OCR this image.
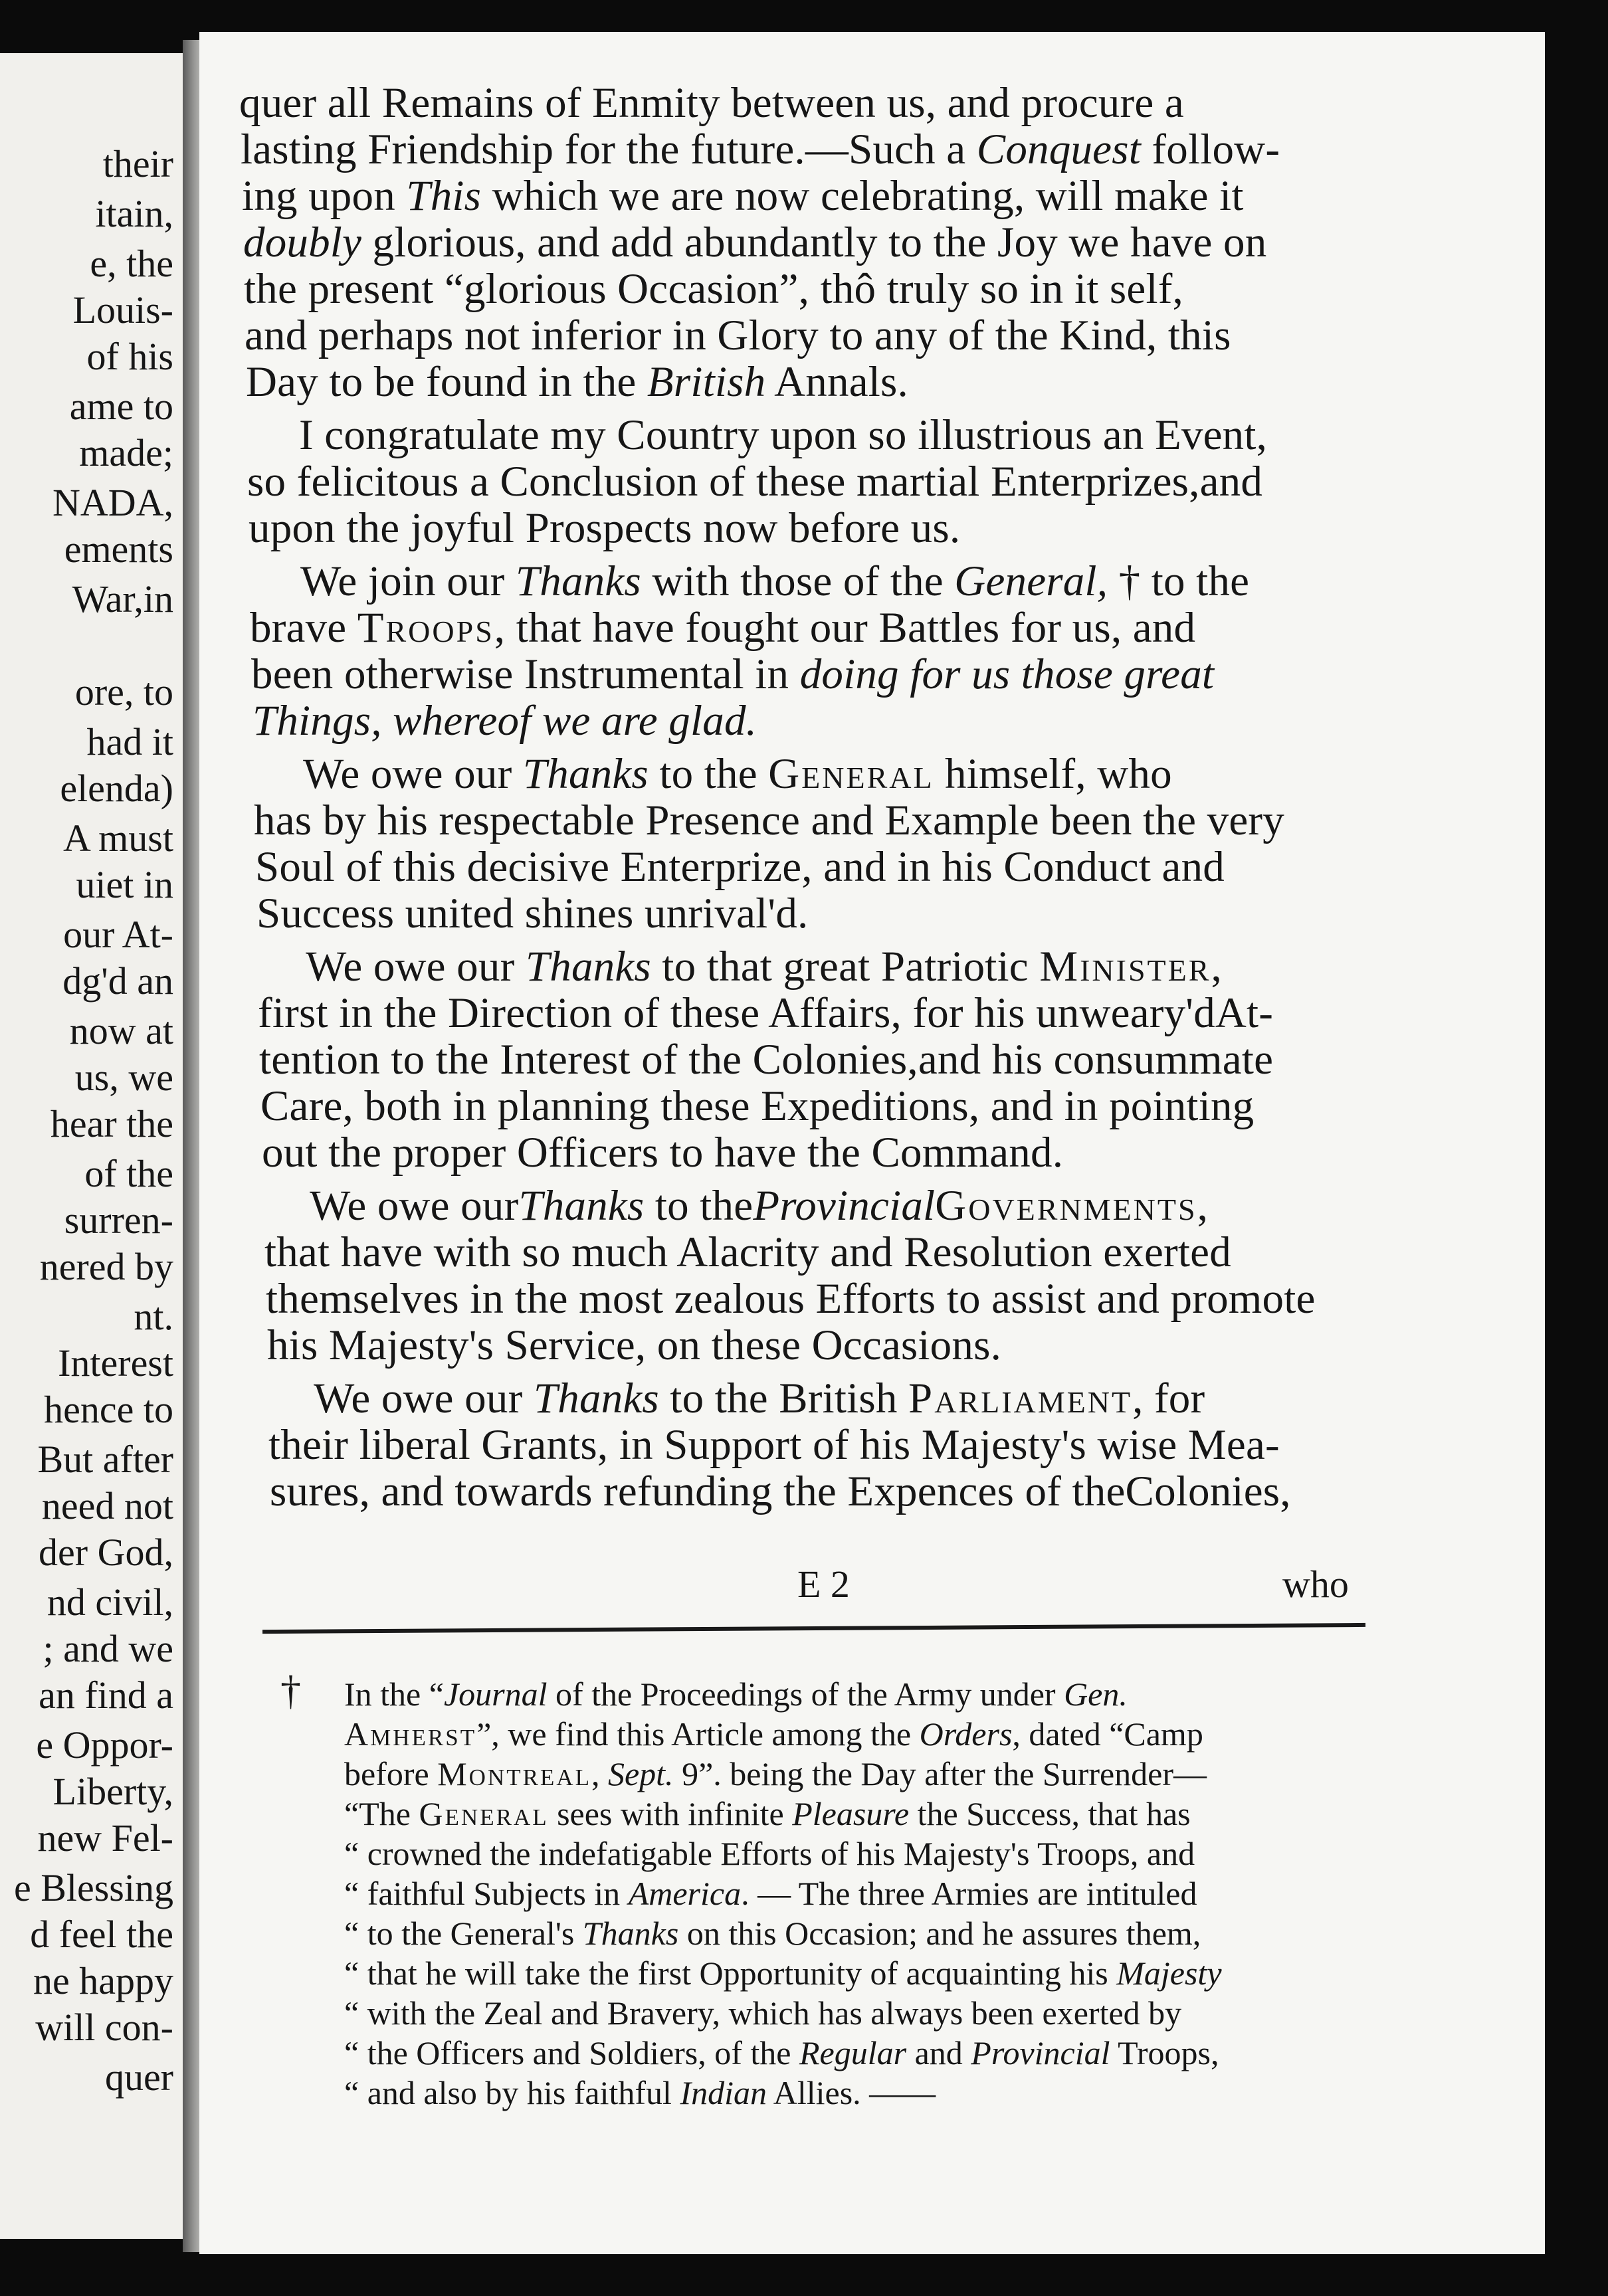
their
itain,
e, the
Louis-
of his
ame to
made;
NADA,
ements
War,in
ore, to
had it
elenda)
A must
uiet in
our At-
dg'd an
now at
us, we
hear the
of the
surren-
nered by
nt.
Interest
hence to
But after
need not
der God,
nd civil,
; and we
an find a
e Oppor-
Liberty,
new Fel-
e Blessing
d feel the
ne happy
will con-
quer
quer all Remains of Enmity between us, and procure a
lasting Friendship for the future.—Such a Conquest follow-
ing upon This which we are now celebrating, will make it
doubly glorious, and add abundantly to the Joy we have on
the present “glorious Occasion”, thô truly so in it self,
and perhaps not inferior in Glory to any of the Kind, this
Day to be found in the British Annals.
I congratulate my Country upon so illustrious an Event,
so felicitous a Conclusion of these martial Enterprizes,and
upon the joyful Prospects now before us.
We join our Thanks with those of the General, † to the
brave Troops, that have fought our Battles for us, and
been otherwise Instrumental in doing for us those great
Things, whereof we are glad.
We owe our Thanks to the General himself, who
has by his respectable Presence and Example been the very
Soul of this decisive Enterprize, and in his Conduct and
Success united shines unrival'd.
We owe our Thanks to that great Patriotic Minister,
first in the Direction of these Affairs, for his unweary'dAt-
tention to the Interest of the Colonies,and his consummate
Care, both in planning these Expeditions, and in pointing
out the proper Officers to have the Command.
We owe ourThanks to theProvincialGovernments,
that have with so much Alacrity and Resolution exerted
themselves in the most zealous Efforts to assist and promote
his Majesty's Service, on these Occasions.
We owe our Thanks to the British Parliament, for
their liberal Grants, in Support of his Majesty's wise Mea-
sures, and towards refunding the Expences of theColonies,
E 2	who
† In the “Journal of the Proceedings of the Army under Gen.
Amherst”, we find this Article among the Orders, dated “Camp
before Montreal, Sept. 9”. being the Day after the Surrender—
“The General sees with infinite Pleasure the Success, that has
“ crowned the indefatigable Efforts of his Majesty's Troops, and
“ faithful Subjects in America. — The three Armies are intituled
“ to the General's Thanks on this Occasion; and he assures them,
“ that he will take the first Opportunity of acquainting his Majesty
“ with the Zeal and Bravery, which has always been exerted by
“ the Officers and Soldiers, of the Regular and Provincial Troops,
“ and also by his faithful Indian Allies. ——
